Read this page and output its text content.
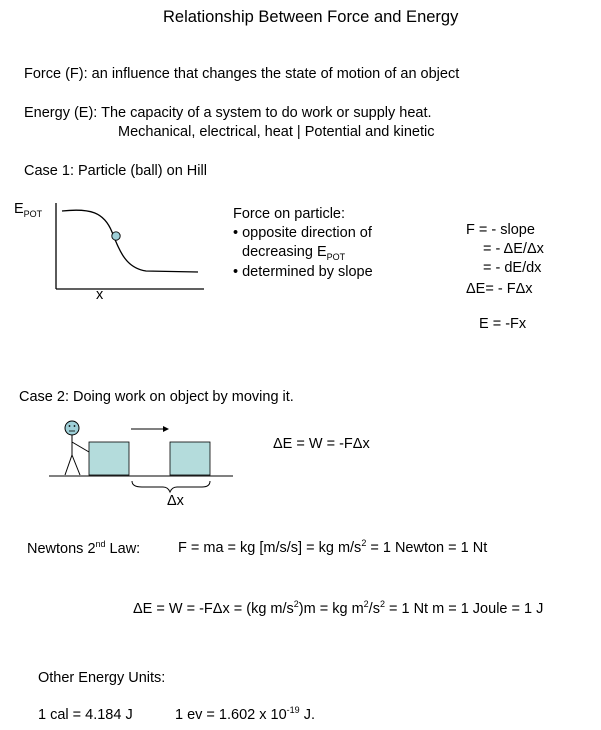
Relationship Between Force and Energy
Force (F): an influence that changes the state of motion of an object
Energy (E): The capacity of a system to do work or supply heat.
Mechanical, electrical, heat | Potential and kinetic
Case 1: Particle (ball) on Hill
$E_{POT}$
x
Force on particle:
• opposite direction of
decreasing $E_{POT}$
• determined by slope
F = - slope
= - ΔE/Δx
= - dE/dx
ΔE= - FΔx
E = -Fx
Case 2: Doing work on object by moving it.
Δx
ΔE = W = -FΔx
Newtons 2nd Law:	F = ma = kg [m/s/s] = kg $m/s^2 = 1$ Newton = 1 Nt
ΔE = W = -FΔx = (kg $m/s^2)m$ = kg $m^2/s^2 = 1$ Nt m = 1 Joule = 1 J
Other Energy Units:
1 cal = 4.184 J	1 ev = 1.602 x $10^{-19}$ J.
